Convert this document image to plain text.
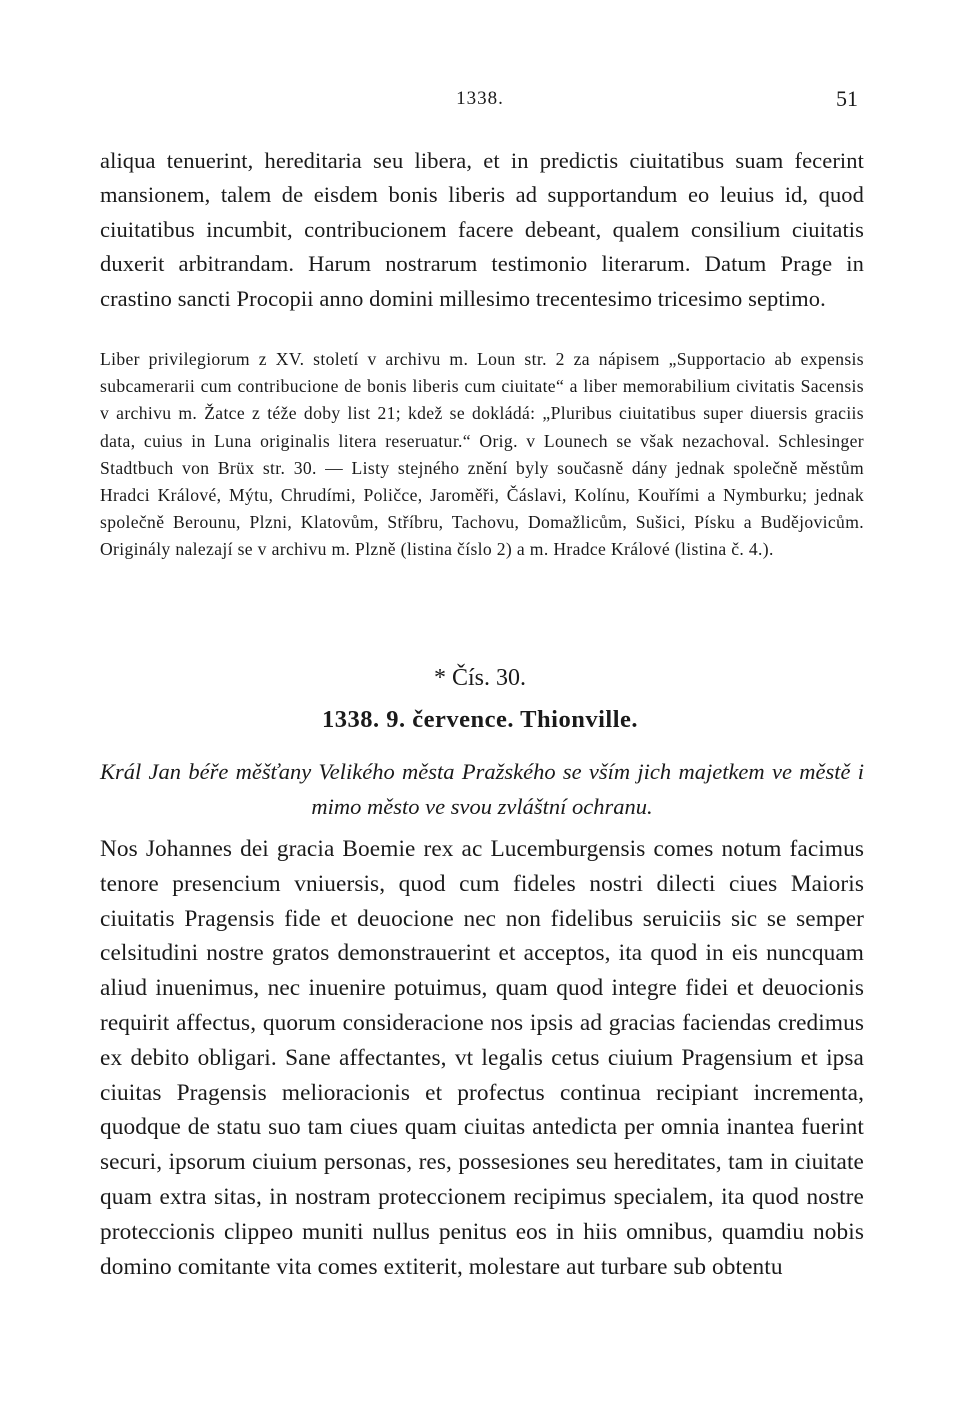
1338.	51

aliqua tenuerint, hereditaria seu libera, et in predictis ciuitatibus suam fecerint mansionem, talem de eisdem bonis liberis ad supportandum eo leuius id, quod ciuitatibus incumbit, contribucionem facere debeant, qualem consilium ciuitatis duxerit arbitrandam. Harum nostrarum testimonio literarum. Datum Prage in crastino sancti Procopii anno domini millesimo trecentesimo tricesimo septimo.

Liber privilegiorum z XV. století v archivu m. Loun str. 2 za nápisem „Supportacio ab expensis subcamerarii cum contribucione de bonis liberis cum ciuitate“ a liber memorabilium civitatis Sacensis v archivu m. Žatce z téže doby list 21; kdež se dokládá: „Pluribus ciuitatibus super diuersis graciis data, cuius in Luna originalis litera reseruatur.“ Orig. v Lounech se však nezachoval. Schlesinger Stadtbuch von Brüx str. 30. — Listy stejného znění byly současně dány jednak společně městům Hradci Králové, Mýtu, Chrudími, Poličce, Jaroměři, Čáslavi, Kolínu, Kouřími a Nymburku; jednak společně Berounu, Plzni, Klatovům, Stříbru, Tachovu, Domažlicům, Sušici, Písku a Budějovicům. Originály nalezají se v archivu m. Plzně (listina číslo 2) a m. Hradce Králové (listina č. 4.).

* Čís. 30.
1338. 9. července. Thionville.

Král Jan béře měšťany Velikého města Pražského se vším jich majetkem ve městě i mimo město ve svou zvláštní ochranu.

Nos Johannes dei gracia Boemie rex ac Lucemburgensis comes notum facimus tenore presencium vniuersis, quod cum fideles nostri dilecti ciues Maioris ciuitatis Pragensis fide et deuocione nec non fidelibus seruiciis sic se semper celsitudini nostre gratos demonstrauerint et acceptos, ita quod in eis nuncquam aliud inuenimus, nec inuenire potuimus, quam quod integre fidei et deuocionis requirit affectus, quorum consideracione nos ipsis ad gracias faciendas credimus ex debito obligari. Sane affectantes, vt legalis cetus ciuium Pragensium et ipsa ciuitas Pragensis melioracionis et profectus continua recipiant incrementa, quodque de statu suo tam ciues quam ciuitas antedicta per omnia inantea fuerint securi, ipsorum ciuium personas, res, possesiones seu hereditates, tam in ciuitate quam extra sitas, in nostram proteccionem recipimus specialem, ita quod nostre proteccionis clippeo muniti nullus penitus eos in hiis omnibus, quamdiu nobis domino comitante vita comes extiterit, molestare aut turbare sub obtentu
